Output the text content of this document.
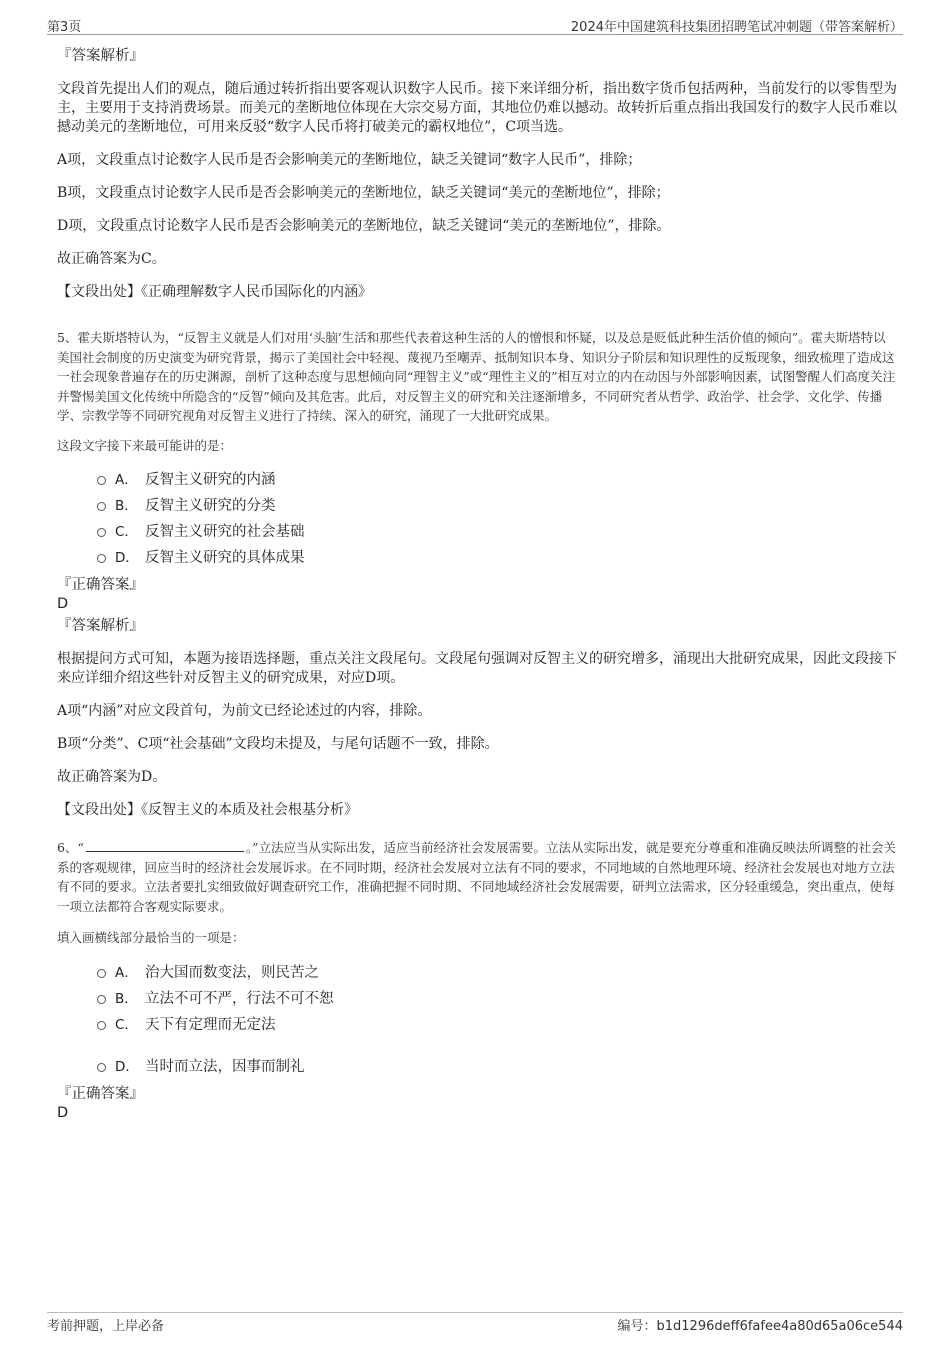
第3页	2024年中国建筑科技集团招聘笔试冲刺题（带答案解析）

『答案解析』

文段首先提出人们的观点，随后通过转折指出要客观认识数字人民币。接下来详细分析，指出数字货币包括两种，当前发行的以零售型为主，主要用于支持消费场景。而美元的垄断地位体现在大宗交易方面，其地位仍难以撼动。故转折后重点指出我国发行的数字人民币难以撼动美元的垄断地位，可用来反驳“数字人民币将打破美元的霸权地位”，C项当选。

A项，文段重点讨论数字人民币是否会影响美元的垄断地位，缺乏关键词“数字人民币”，排除；

B项，文段重点讨论数字人民币是否会影响美元的垄断地位，缺乏关键词“美元的垄断地位”，排除；

D项，文段重点讨论数字人民币是否会影响美元的垄断地位，缺乏关键词“美元的垄断地位”，排除。

故正确答案为C。

【文段出处】《正确理解数字人民币国际化的内涵》

5、霍夫斯塔特认为，“反智主义就是人们对用‘头脑’生活和那些代表着这种生活的人的憎恨和怀疑，以及总是贬低此种生活价值的倾向”。霍夫斯塔特以美国社会制度的历史演变为研究背景，揭示了美国社会中轻视、蔑视乃至嘲弄、抵制知识本身、知识分子阶层和知识理性的反叛现象，细致梳理了造成这一社会现象普遍存在的历史渊源，剖析了这种态度与思想倾向同“理智主义”或“理性主义的”相互对立的内在动因与外部影响因素，试图警醒人们高度关注并警惕美国文化传统中所隐含的“反智”倾向及其危害。此后，对反智主义的研究和关注逐渐增多，不同研究者从哲学、政治学、社会学、文化学、传播学、宗教学等不同研究视角对反智主义进行了持续、深入的研究，涌现了一大批研究成果。

这段文字接下来最可能讲的是：

A． 反智主义研究的内涵
B． 反智主义研究的分类
C． 反智主义研究的社会基础
D． 反智主义研究的具体成果

『正确答案』

D

『答案解析』

根据提问方式可知，本题为接语选择题，重点关注文段尾句。文段尾句强调对反智主义的研究增多，涌现出大批研究成果，因此文段接下来应详细介绍这些针对反智主义的研究成果，对应D项。

A项“内涵”对应文段首句，为前文已经论述过的内容，排除。

B项“分类”、C项“社会基础”文段均未提及，与尾句话题不一致，排除。

故正确答案为D。

【文段出处】《反智主义的本质及社会根基分析》

6、“	。”立法应当从实际出发，适应当前经济社会发展需要。立法从实际出发，就是要充分尊重和准确反映法所调整的社会关系的客观规律，回应当时的经济社会发展诉求。在不同时期，经济社会发展对立法有不同的要求，不同地域的自然地理环境、经济社会发展也对地方立法有不同的要求。立法者要扎实细致做好调查研究工作，准确把握不同时期、不同地域经济社会发展需要，研判立法需求，区分轻重缓急，突出重点，使每一项立法都符合客观实际要求。

填入画横线部分最恰当的一项是：

A． 治大国而数变法，则民苦之
B． 立法不可不严，行法不可不恕
C． 天下有定理而无定法
D． 当时而立法，因事而制礼

『正确答案』

D

考前押题，上岸必备	编号：b1d1296deff6fafee4a80d65a06ce544
